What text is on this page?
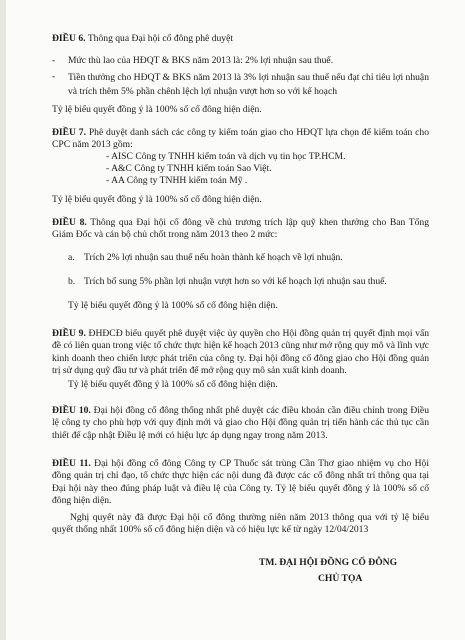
ĐIỀU 6. Thông qua Đại hội cổ đông phê duyệt

- Mức thù lao của HĐQT & BKS năm 2013 là: 2% lợi nhuận sau thuế.
- Tiền thưởng cho HĐQT & BKS năm 2013 là 3% lợi nhuận sau thuế nếu đạt chỉ tiêu lợi nhuận và trích thêm 5% phần chênh lệch lợi nhuận vượt hơn so với kế hoạch

Tỷ lệ biểu quyết đồng ý là 100% số cổ đông hiện diện.

ĐIỀU 7. Phê duyệt danh sách các công ty kiểm toán giao cho HĐQT lựa chọn để kiểm toán cho CPC năm 2013 gồm:

- AISC Công ty TNHH kiểm toán và dịch vụ tin học TP.HCM.
- A&C Công ty TNHH kiểm toán Sao Việt.
- AA Công ty TNHH kiểm toán Mỹ .

Tỷ lệ biểu quyết đồng ý là 100% số cổ đông hiện diện.

ĐIỀU 8. Thông qua Đại hội cổ đông về chủ trương trích lập quỹ khen thưởng cho Ban Tổng Giám Đốc và cán bộ chủ chốt trong năm 2013 theo 2 mức:

a. Trích 2% lợi nhuận sau thuế nếu hoàn thành kế hoạch về lợi nhuận.
b. Trích bổ sung 5% phần lợi nhuận vượt hơn so với kế hoạch lợi nhuận sau thuế.

Tỷ lệ biểu quyết đồng ý là 100% số cổ đông hiện diện.

ĐIỀU 9. ĐHĐCĐ biểu quyết phê duyệt việc ủy quyền cho Hội đồng quản trị quyết định mọi vấn đề có liên quan trong việc tổ chức thực hiện kế hoạch 2013 cũng như mở rộng quy mô và lĩnh vực kinh doanh theo chiến lược phát triển của công ty. Đại hội đồng cổ đông giao cho Hội đồng quản trị sử dụng quỹ đầu tư và phát triển để mở rộng quy mô sản xuất kinh doanh.

Tỷ lệ biểu quyết đồng ý là 100% số cổ đông hiện diện.

ĐIỀU 10. Đại hội đồng cổ đông thống nhất phê duyệt các điều khoản cần điều chỉnh trong Điều lệ công ty cho phù hợp với quy định mới và giao cho Hội đồng quản trị tiến hành các thủ tục cần thiết để cập nhật Điều lệ mới có hiệu lực áp dụng ngay trong năm 2013.

ĐIỀU 11. Đại hội đồng cổ đông Công ty CP Thuốc sát trùng Cần Thơ giao nhiệm vụ cho Hội đồng quản trị chỉ đạo, tổ chức thực hiện các nội dung đã được các cổ đông nhất trí thông qua tại Đại hội này theo đúng pháp luật và điều lệ của Công ty. Tỷ lệ biểu quyết đồng ý là 100% số cổ đông hiện diện.

Nghị quyết này đã được Đại hội cổ đông thường niên năm 2013 thông qua với tỷ lệ biểu quyết thống nhất 100% số cổ đông hiện diện và có hiệu lực kể từ ngày 12/04/2013

TM. ĐẠI HỘI ĐỒNG CỔ ĐÔNG
CHỦ TỌA
